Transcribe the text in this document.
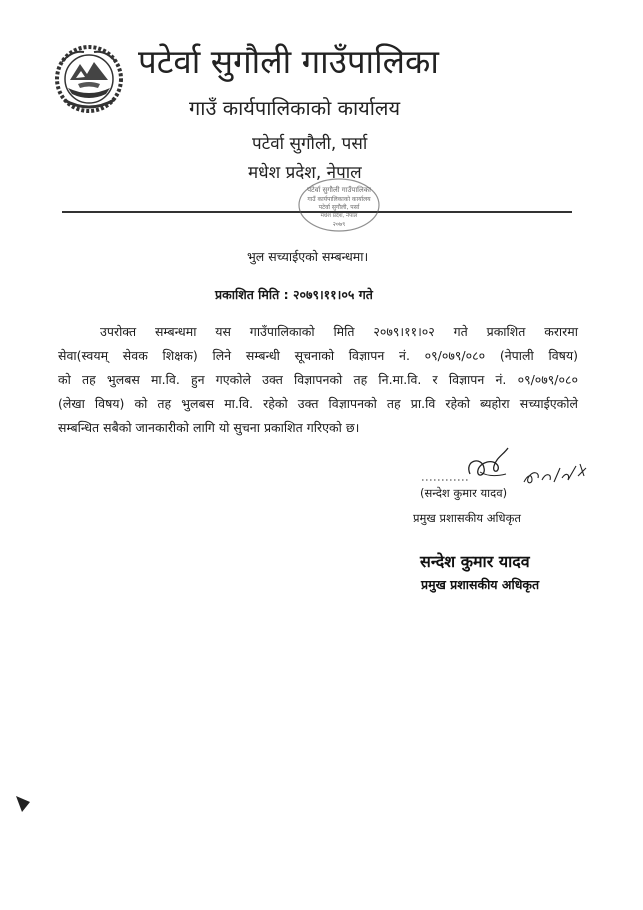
पटेर्वा सुगौली गाउँपालिका
गाउँ कार्यपालिकाको कार्यालय
पटेर्वा सुगौली, पर्सा
मधेश प्रदेश, नेपाल
पटेर्वा सुगौली गाउँपालिका
गाउँ कार्यपालिकाको कार्यालय
पटेर्वा सुगौली, पर्सा
मधेश प्रदेश, नेपाल
२०७९
भुल सच्याईएको सम्बन्धमा।
प्रकाशित मिति : २०७९।११।०५ गते
उपरोक्त सम्बन्धमा यस गाउँपालिकाको मिति २०७९।११।०२ गते प्रकाशित करारमा
सेवा(स्वयम् सेवक शिक्षक) लिने सम्बन्धी सूचनाको विज्ञापन नं. ०९/०७९/०८० (नेपाली विषय)
को तह भुलबस मा.वि. हुन गएकोले उक्त विज्ञापनको तह नि.मा.वि. र विज्ञापन नं. ०९/०७९/०८०
(लेखा विषय) को तह भुलबस मा.वि. रहेको उक्त विज्ञापनको तह प्रा.वि रहेको ब्यहोरा सच्याईएकोले
सम्बन्धित सबैको जानकारीको लागि यो सुचना प्रकाशित गरिएको छ।
(सन्देश कुमार यादव)
प्रमुख प्रशासकीय अधिकृत
सन्देश कुमार यादव
प्रमुख प्रशासकीय अधिकृत
